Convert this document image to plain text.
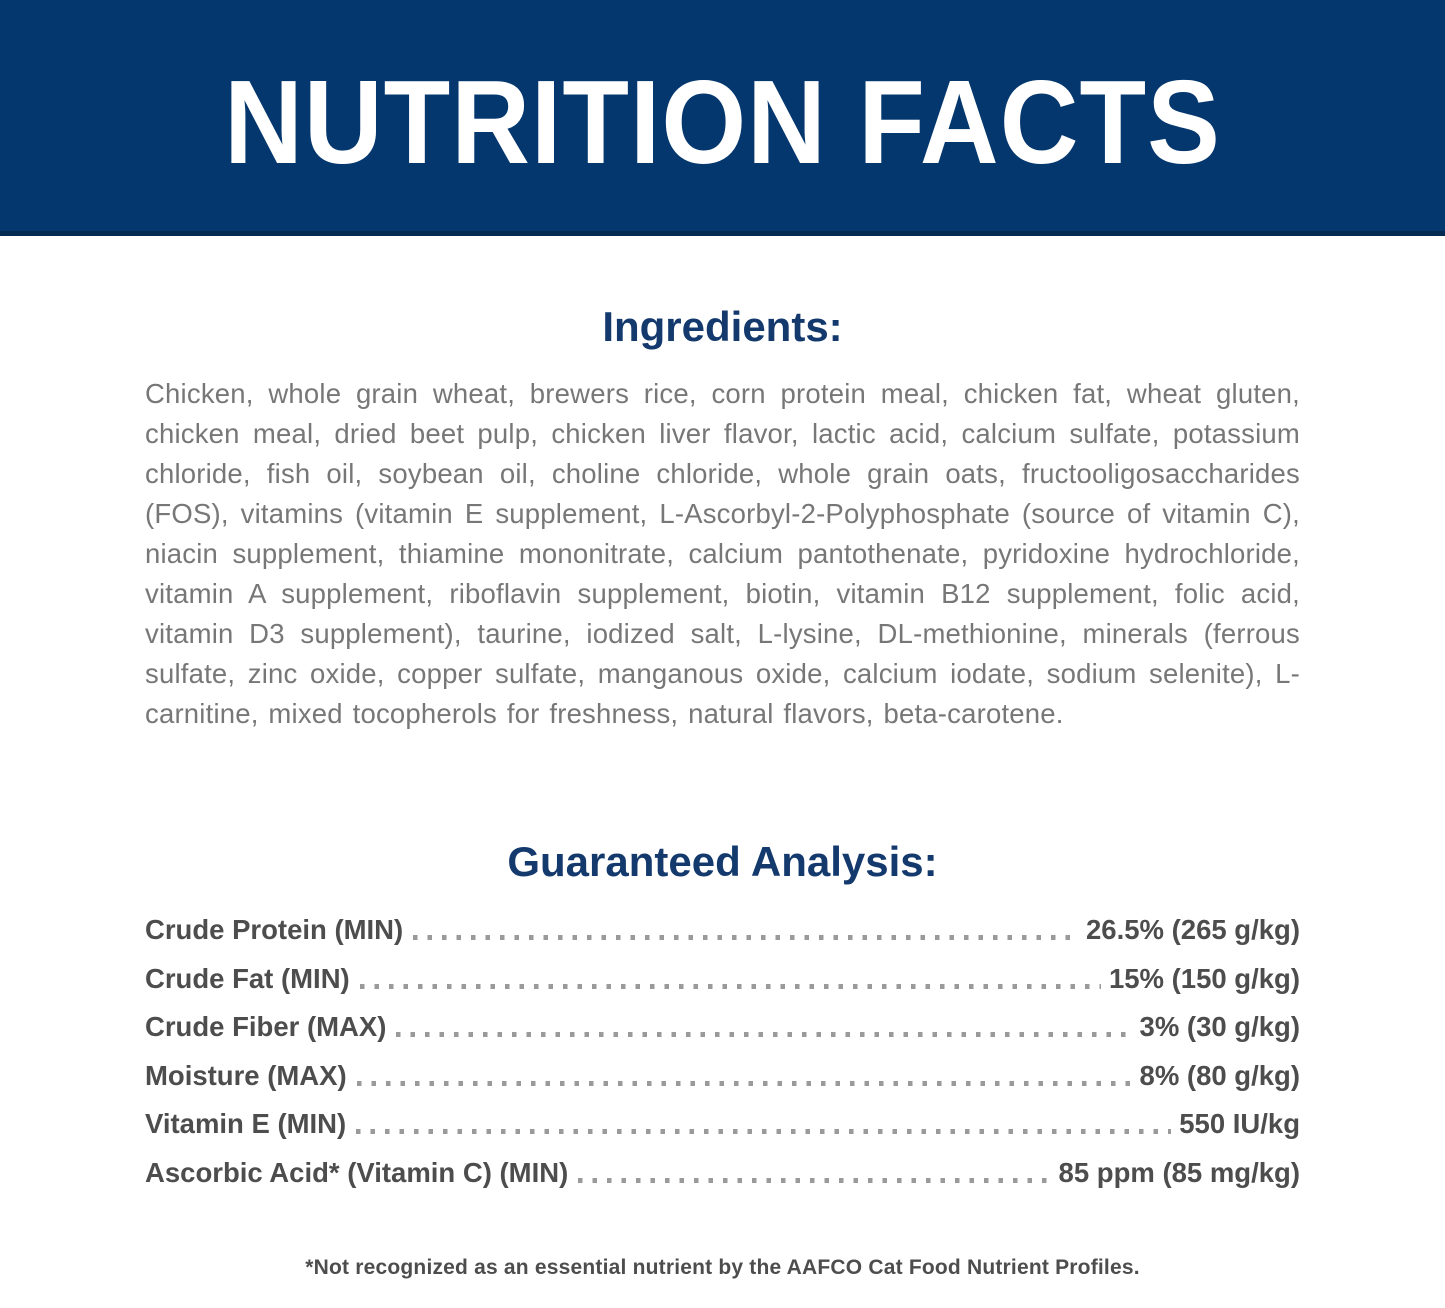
NUTRITION FACTS
Ingredients:

Chicken, whole grain wheat, brewers rice, corn protein meal, chicken fat, wheat gluten, chicken meal, dried beet pulp, chicken liver flavor, lactic acid, calcium sulfate, potassium chloride, fish oil, soybean oil, choline chloride, whole grain oats, fructooligosaccharides (FOS), vitamins (vitamin E supplement, L-Ascorbyl-2-Polyphosphate (source of vitamin C), niacin supplement, thiamine mononitrate, calcium pantothenate, pyridoxine hydrochloride, vitamin A supplement, riboflavin supplement, biotin, vitamin B12 supplement, folic acid, vitamin D3 supplement), taurine, iodized salt, L-lysine, DL-methionine, minerals (ferrous sulfate, zinc oxide, copper sulfate, manganous oxide, calcium iodate, sodium selenite), L-carnitine, mixed tocopherols for freshness, natural flavors, beta-carotene.

Guaranteed Analysis:
Crude Protein (MIN)	26.5% (265 g/kg)
Crude Fat (MIN)	15% (150 g/kg)
Crude Fiber (MAX)	3% (30 g/kg)
Moisture (MAX)	8% (80 g/kg)
Vitamin E (MIN)	550 IU/kg
Ascorbic Acid* (Vitamin C) (MIN)	85 ppm (85 mg/kg)
*Not recognized as an essential nutrient by the AAFCO Cat Food Nutrient Profiles.
